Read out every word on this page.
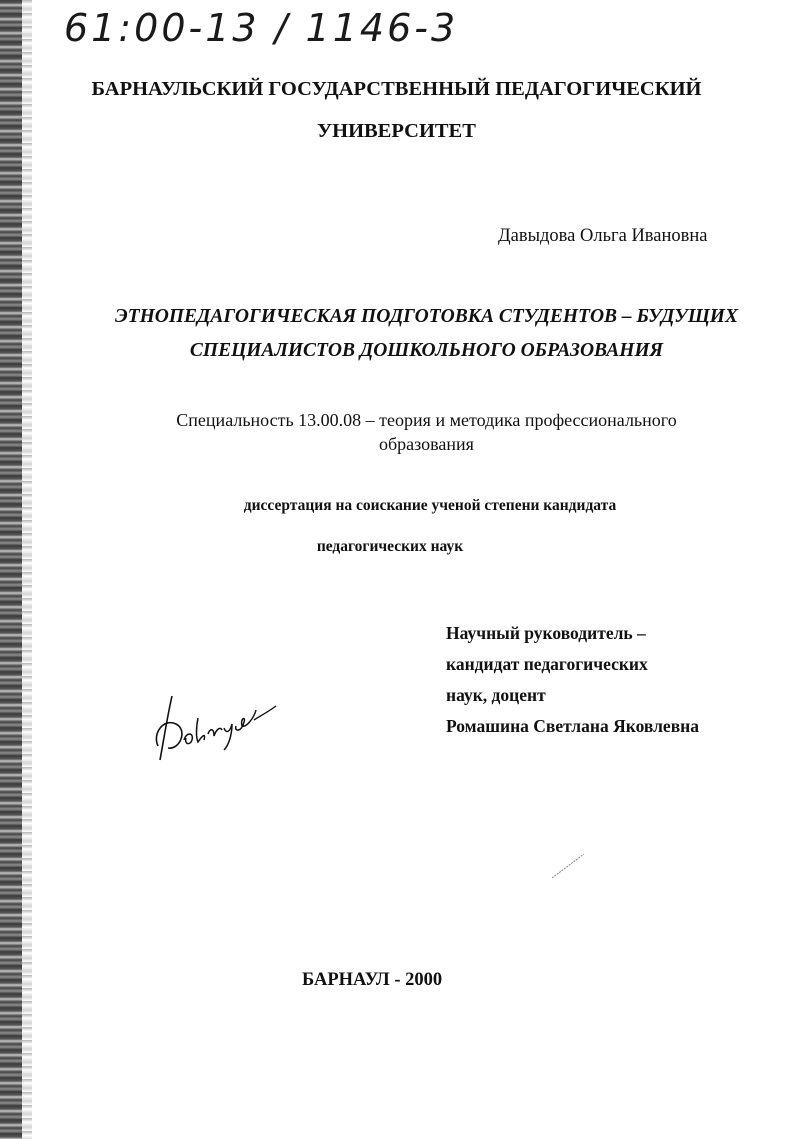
61:00-13 / 1146-3
БАРНАУЛЬСКИЙ ГОСУДАРСТВЕННЫЙ ПЕДАГОГИЧЕСКИЙ
УНИВЕРСИТЕТ
Давыдова Ольга Ивановна
ЭТНОПЕДАГОГИЧЕСКАЯ ПОДГОТОВКА СТУДЕНТОВ – БУДУЩИХ
СПЕЦИАЛИСТОВ ДОШКОЛЬНОГО ОБРАЗОВАНИЯ
Специальность 13.00.08 – теория и методика профессионального
образования
диссертация на соискание ученой степени кандидата
педагогических наук
Научный руководитель –
кандидат педагогических
наук, доцент
Ромашина Светлана Яковлевна
БАРНАУЛ - 2000
